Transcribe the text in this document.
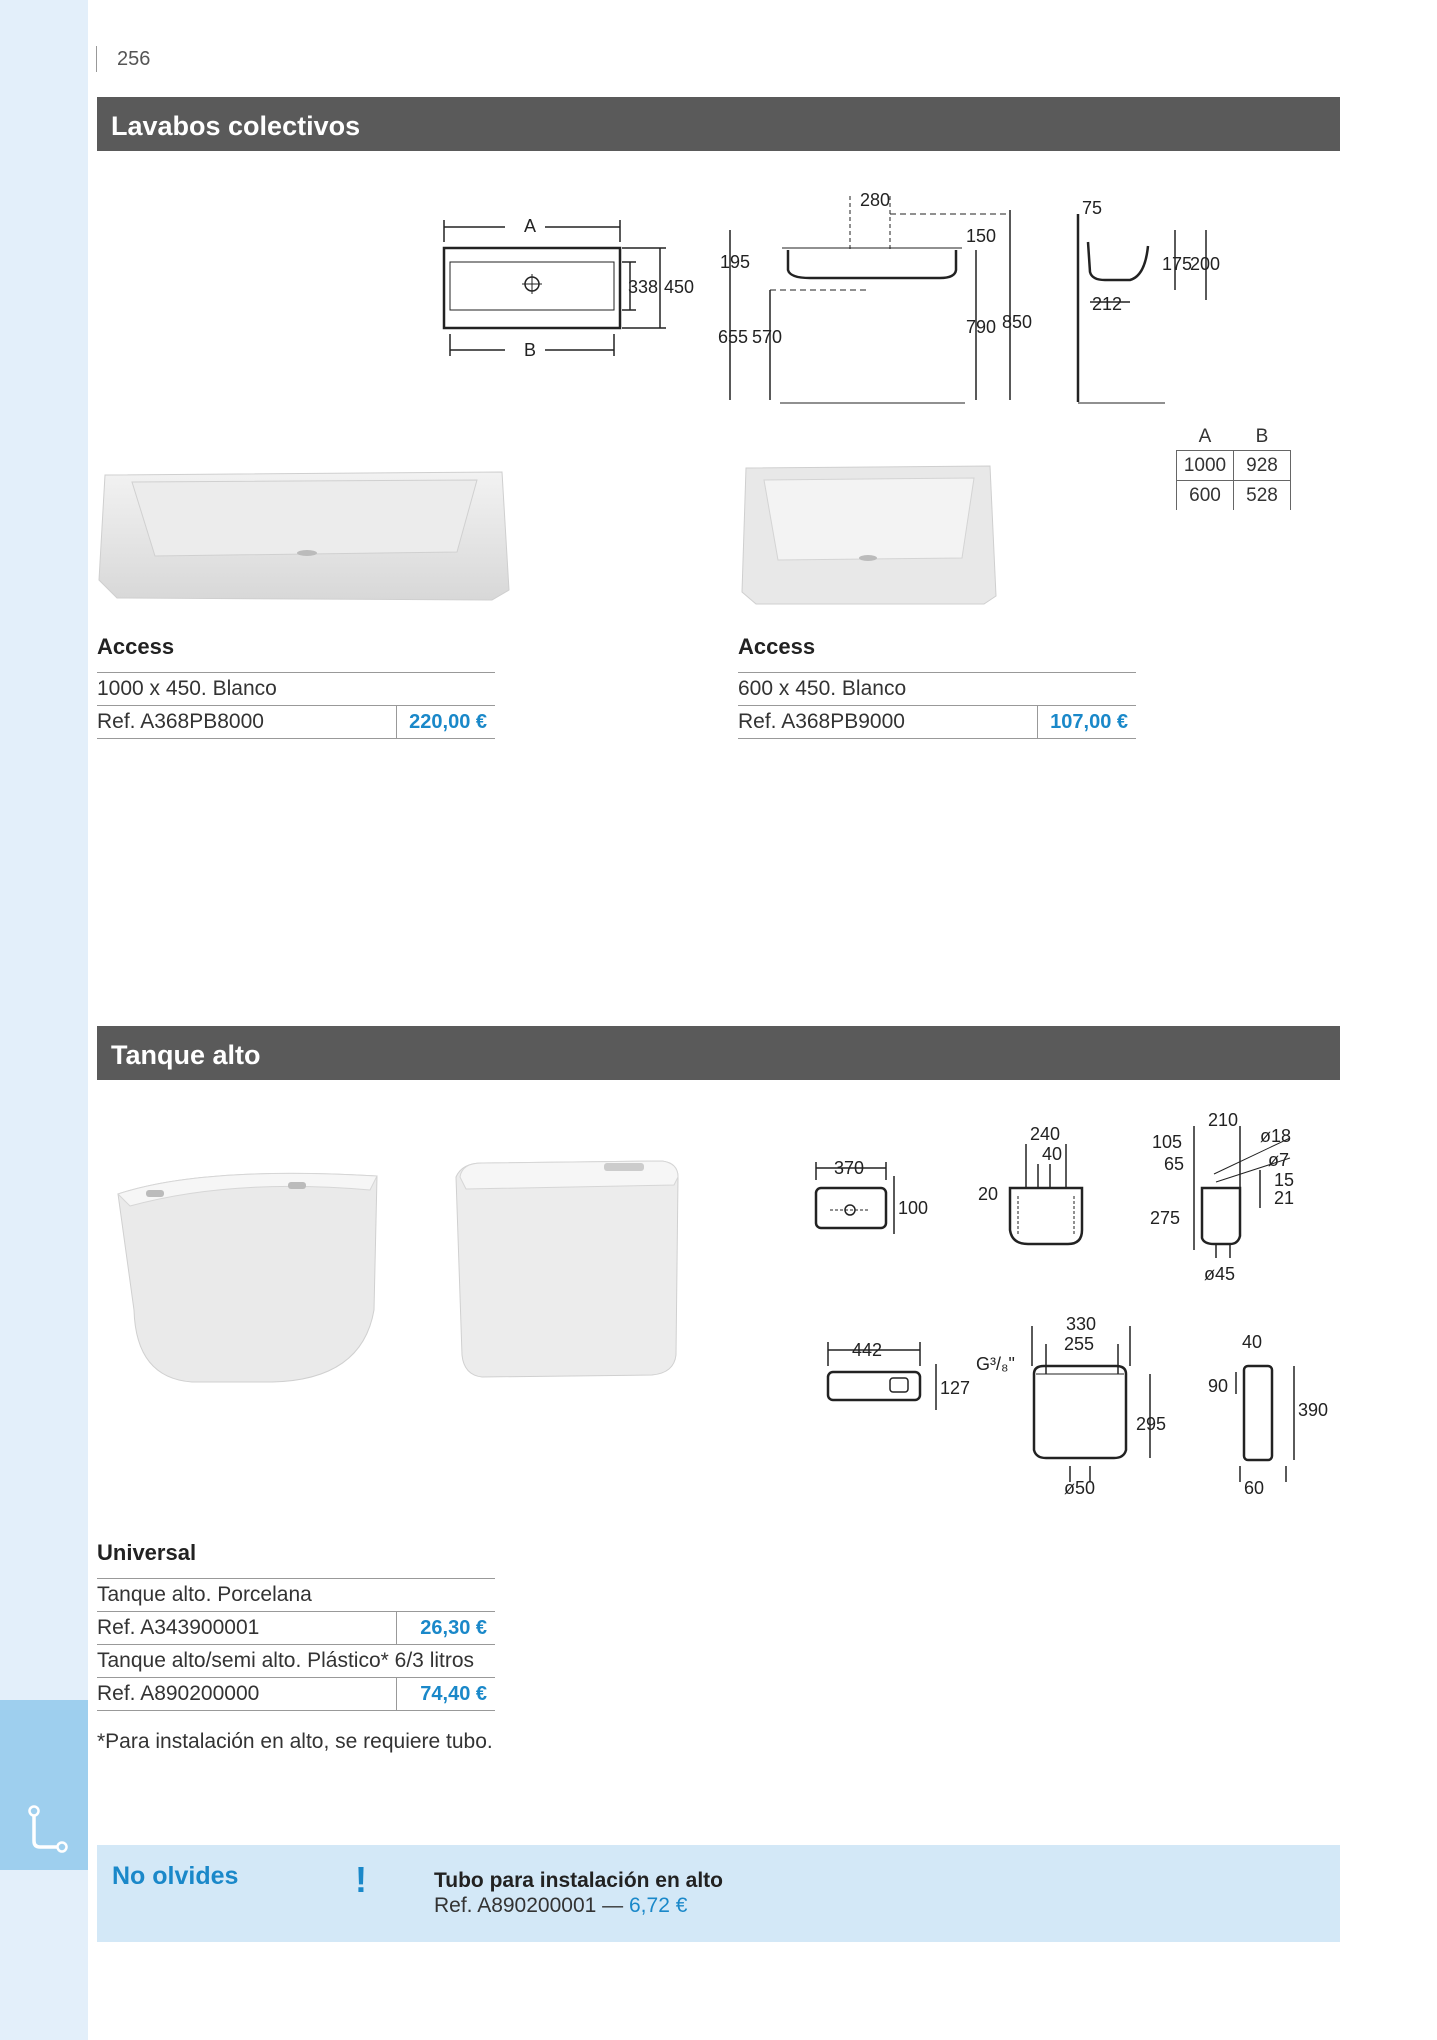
256
Lavabos colectivos
A
B
338 450
280
150
195
655 570	790 850
75
175
200
212
A	B
1000	928
600	528
Access
1000 x 450. Blanco
Ref. A368PB8000	220,00 €
Access
600 x 450. Blanco
Ref. A368PB9000	107,00 €
Tanque alto
370
100
240
40
20
210
105
65
275
ø18
ø7
15
21
ø45
442
127
330
255
G³/₈"
295
ø50
40
90
390
60
Universal
Tanque alto. Porcelana	
Ref. A343900001	26,30 €
Tanque alto/semi alto. Plástico* 6/3 litros	
Ref. A890200000	74,40 €
*Para instalación en alto, se requiere tubo.
No olvides	!	Tubo para instalación en alto
Ref. A890200001 — 6,72 €
